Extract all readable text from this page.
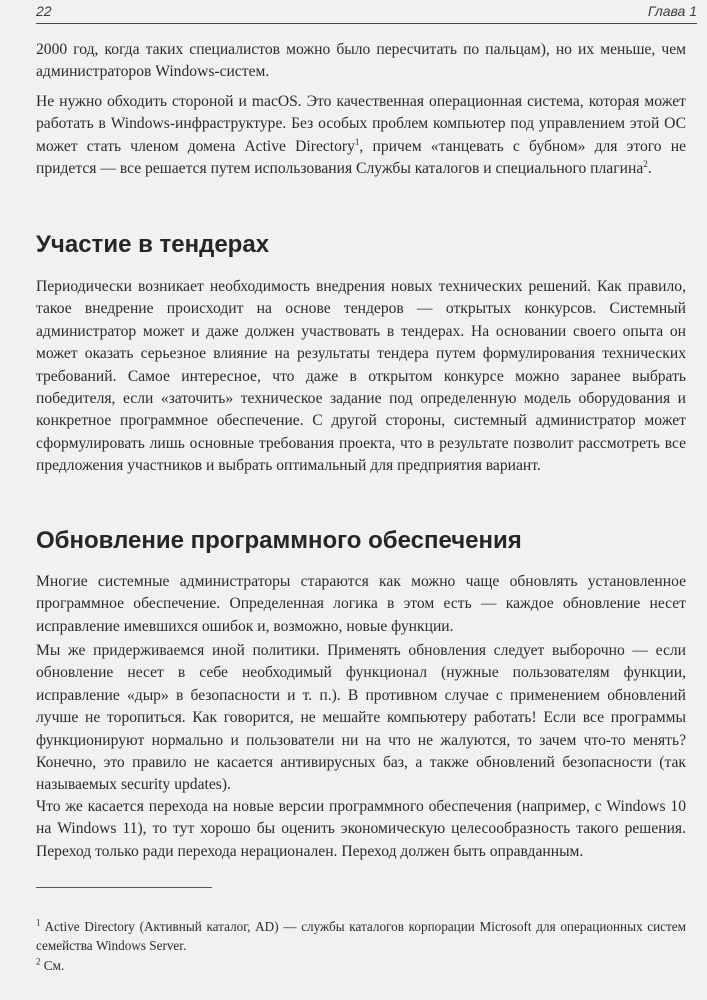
22	Глава 1

2000 год, когда таких специалистов можно было пересчитать по пальцам), но их меньше, чем администраторов Windows-систем.

Не нужно обходить стороной и macOS. Это качественная операционная система, которая может работать в Windows-инфраструктуре. Без особых проблем компьютер под управлением этой ОС может стать членом домена Active Directory$^1$, причем «танцевать с бубном» для этого не придется — все решается путем использования Службы каталогов и специального плагина$^2$.

Участие в тендерах

Периодически возникает необходимость внедрения новых технических решений. Как правило, такое внедрение происходит на основе тендеров — открытых конкурсов. Системный администратор может и даже должен участвовать в тендерах. На основании своего опыта он может оказать серьезное влияние на результаты тендера путем формулирования технических требований. Самое интересное, что даже в открытом конкурсе можно заранее выбрать победителя, если «заточить» техническое задание под определенную модель оборудования и конкретное программное обеспечение. С другой стороны, системный администратор может сформулировать лишь основные требования проекта, что в результате позволит рассмотреть все предложения участников и выбрать оптимальный для предприятия вариант.

Обновление программного обеспечения

Многие системные администраторы стараются как можно чаще обновлять установленное программное обеспечение. Определенная логика в этом есть — каждое обновление несет исправление имевшихся ошибок и, возможно, новые функции.

Мы же придерживаемся иной политики. Применять обновления следует выборочно — если обновление несет в себе необходимый функционал (нужные пользователям функции, исправление «дыр» в безопасности и т. п.). В противном случае с применением обновлений лучше не торопиться. Как говорится, не мешайте компьютеру работать! Если все программы функционируют нормально и пользователи ни на что не жалуются, то зачем что-то менять? Конечно, это правило не касается антивирусных баз, а также обновлений безопасности (так называемых security updates).

Что же касается перехода на новые версии программного обеспечения (например, с Windows 10 на Windows 11), то тут хорошо бы оценить экономическую целесообразность такого решения. Переход только ради перехода нерационален. Переход должен быть оправданным.

$^1$ Active Directory (Активный каталог, AD) — службы каталогов корпорации Microsoft для операционных систем семейства Windows Server.

$^2$ См.
